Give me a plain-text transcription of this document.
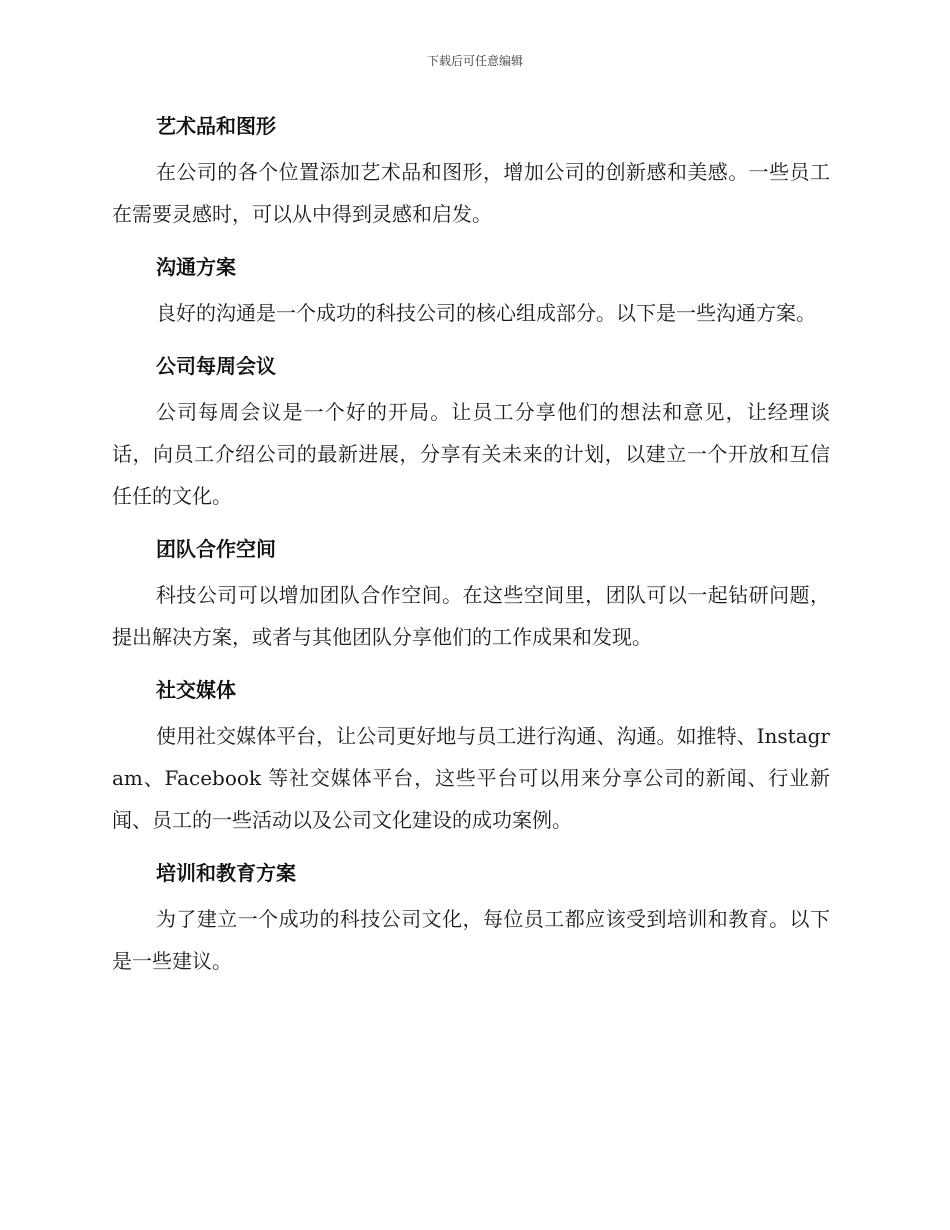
下载后可任意编辑
艺术品和图形

在公司的各个位置添加艺术品和图形，增加公司的创新感和美感。一些员工在需要灵感时，可以从中得到灵感和启发。

沟通方案

良好的沟通是一个成功的科技公司的核心组成部分。以下是一些沟通方案。

公司每周会议

公司每周会议是一个好的开局。让员工分享他们的想法和意见，让经理谈话，向员工介绍公司的最新进展，分享有关未来的计划，以建立一个开放和互信任任的文化。

团队合作空间

科技公司可以增加团队合作空间。在这些空间里，团队可以一起钻研问题，提出解决方案，或者与其他团队分享他们的工作成果和发现。

社交媒体

使用社交媒体平台，让公司更好地与员工进行沟通、沟通。如推特、Instagram、Facebook 等社交媒体平台，这些平台可以用来分享公司的新闻、行业新闻、员工的一些活动以及公司文化建设的成功案例。

培训和教育方案

为了建立一个成功的科技公司文化，每位员工都应该受到培训和教育。以下是一些建议。
